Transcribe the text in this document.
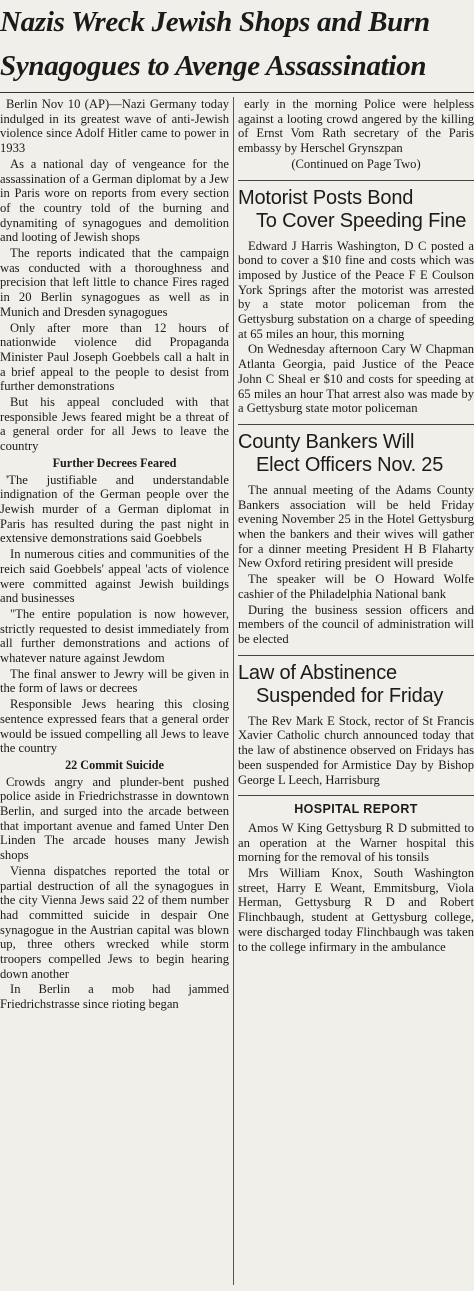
Nazis Wreck Jewish Shops and Burn
Synagogues to Avenge Assassination

Berlin Nov 10 (AP)—Nazi Germany today indulged in its greatest wave of anti-Jewish violence since Adolf Hitler came to power in 1933

As a national day of vengeance for the assassination of a German diplomat by a Jew in Paris wore on reports from every section of the country told of the burning and dynamiting of synagogues and demolition and looting of Jewish shops

The reports indicated that the campaign was conducted with a thoroughness and precision that left little to chance Fires raged in 20 Berlin synagogues as well as in Munich and Dresden synagogues

Only after more than 12 hours of nationwide violence did Propaganda Minister Paul Joseph Goebbels call a halt in a brief appeal to the people to desist from further demonstrations

But his appeal concluded with that responsible Jews feared might be a threat of a general order for all Jews to leave the country

Further Decrees Feared

'The justifiable and understandable indignation of the German people over the Jewish murder of a German diplomat in Paris has resulted during the past night in extensive demonstrations said Goebbels

In numerous cities and communities of the reich said Goebbels' appeal 'acts of violence were committed against Jewish buildings and businesses

"The entire population is now however, strictly requested to desist immediately from all further demonstrations and actions of whatever nature against Jewdom

The final answer to Jewry will be given in the form of laws or decrees

Responsible Jews hearing this closing sentence expressed fears that a general order would be issued compelling all Jews to leave the country

22 Commit Suicide

Crowds angry and plunder-bent pushed police aside in Friedrichstrasse in downtown Berlin, and surged into the arcade between that important avenue and famed Unter Den Linden The arcade houses many Jewish shops

Vienna dispatches reported the total or partial destruction of all the synagogues in the city Vienna Jews said 22 of them number had committed suicide in despair One synagogue in the Austrian capital was blown up, three others wrecked while storm troopers compelled Jews to begin hearing down another

In Berlin a mob had jammed Friedrichstrasse since rioting began

early in the morning Police were helpless against a looting crowd angered by the killing of Ernst Vom Rath secretary of the Paris embassy by Herschel Grynszpan

(Continued on Page Two)

Motorist Posts Bond
To Cover Speeding Fine

Edward J Harris Washington, D C posted a bond to cover a $10 fine and costs which was imposed by Justice of the Peace F E Coulson York Springs after the motorist was arrested by a state motor policeman from the Gettysburg substation on a charge of speeding at 65 miles an hour, this morning

On Wednesday afternoon Cary W Chapman Atlanta Georgia, paid Justice of the Peace John C Sheal er $10 and costs for speeding at 65 miles an hour That arrest also was made by a Gettysburg state motor policeman

County Bankers Will
Elect Officers Nov. 25

The annual meeting of the Adams County Bankers association will be held Friday evening November 25 in the Hotel Gettysburg when the bankers and their wives will gather for a dinner meeting President H B Flaharty New Oxford retiring president will preside

The speaker will be O Howard Wolfe cashier of the Philadelphia National bank

During the business session officers and members of the council of administration will be elected

Law of Abstinence
Suspended for Friday

The Rev Mark E Stock, rector of St Francis Xavier Catholic church announced today that the law of abstinence observed on Fridays has been suspended for Armistice Day by Bishop George L Leech, Harrisburg

HOSPITAL REPORT

Amos W King Gettysburg R D submitted to an operation at the Warner hospital this morning for the removal of his tonsils

Mrs William Knox, South Washington street, Harry E Weant, Emmitsburg, Viola Herman, Gettysburg R D and Robert Flinchbaugh, student at Gettysburg college, were discharged today Flinchbaugh was taken to the college infirmary in the ambulance
